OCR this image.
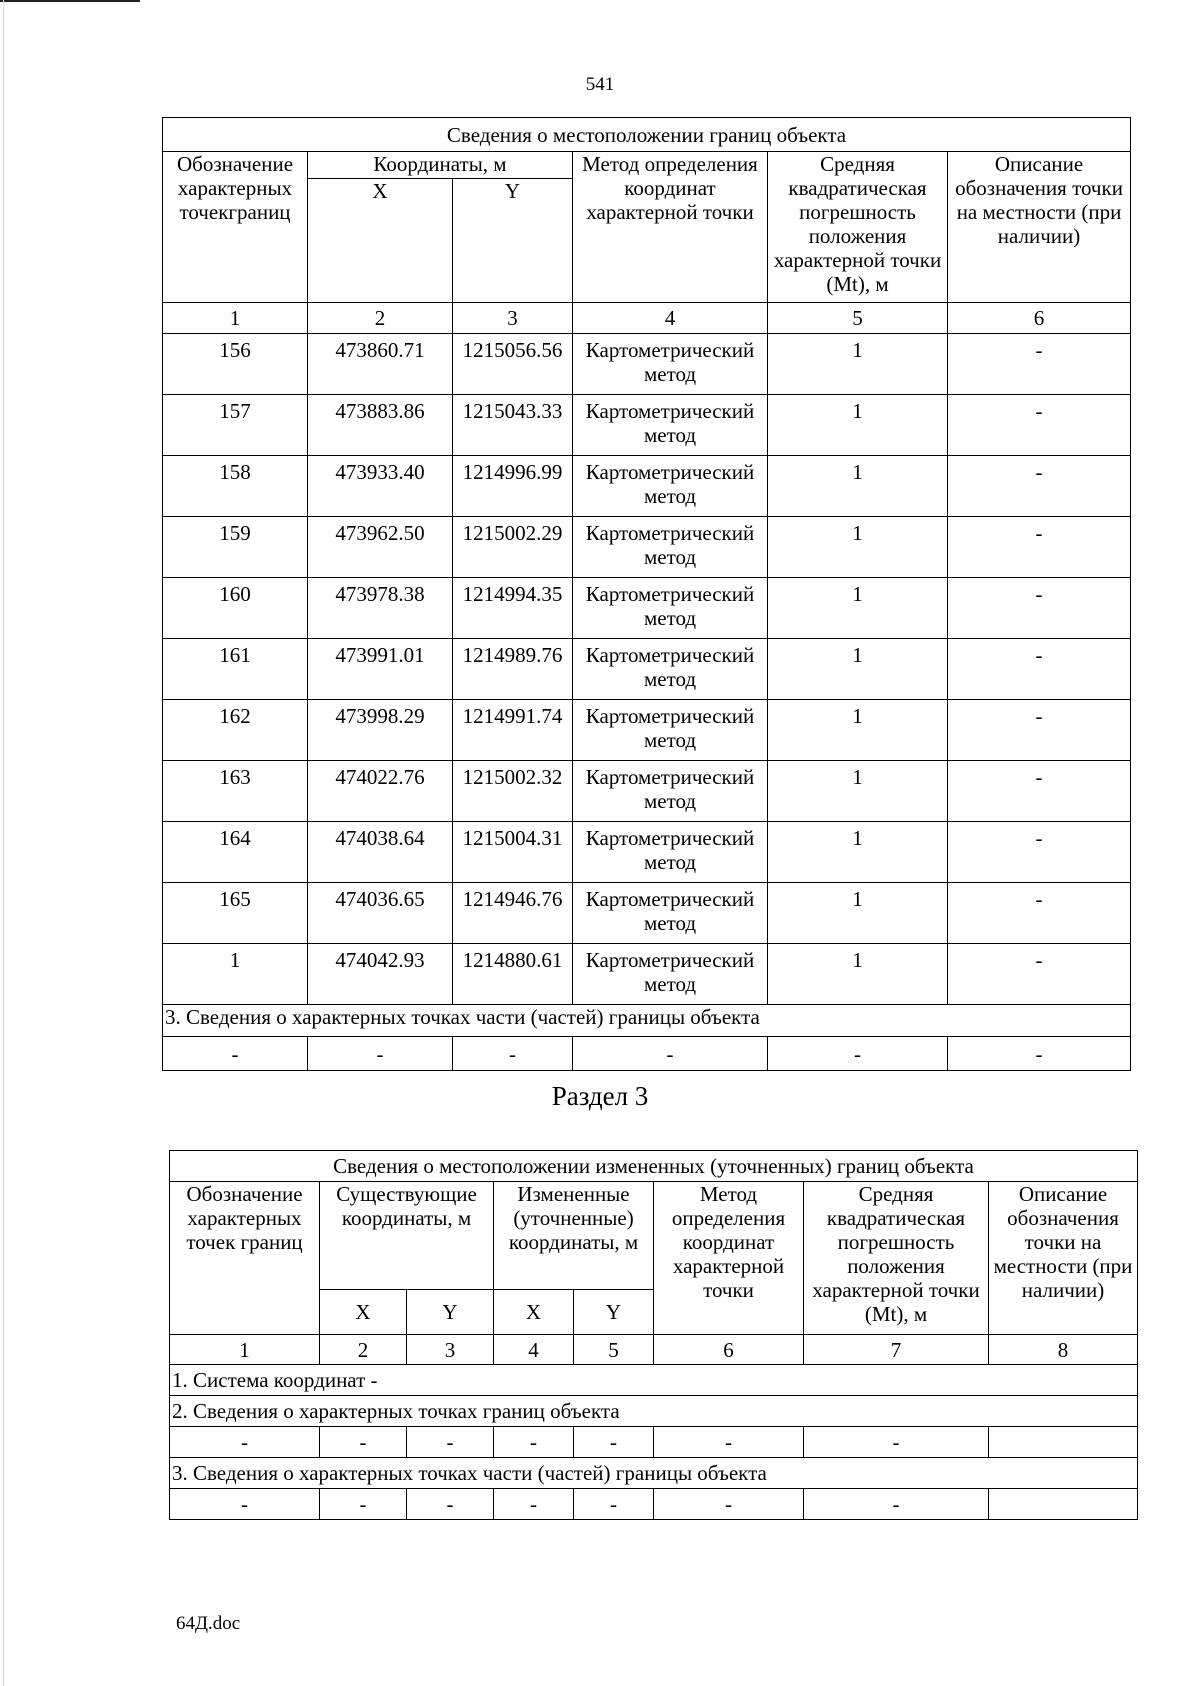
541
Сведения о местоположении границ объекта					
Обозначение характерных точекграниц	Координаты, м		Метод определения координат характерной точки	Средняя квадратическая погрешность положения характерной точки (Mt), м	Описание обозначения точки на местности (при наличии)
	X	Y			
1	2	3	4	5	6
156	473860.71	1215056.56	Картометрический метод	1	-
157	473883.86	1215043.33	Картометрический метод	1	-
158	473933.40	1214996.99	Картометрический метод	1	-
159	473962.50	1215002.29	Картометрический метод	1	-
160	473978.38	1214994.35	Картометрический метод	1	-
161	473991.01	1214989.76	Картометрический метод	1	-
162	473998.29	1214991.74	Картометрический метод	1	-
163	474022.76	1215002.32	Картометрический метод	1	-
164	474038.64	1215004.31	Картометрический метод	1	-
165	474036.65	1214946.76	Картометрический метод	1	-
1	474042.93	1214880.61	Картометрический метод	1	-
3. Сведения о характерных точках части (частей) границы объекта					
-	-	-	-	-	-
Раздел 3
Сведения о местоположении измененных (уточненных) границ объекта							
Обозначение характерных точек границ	Существующие координаты, м		Измененные (уточненные) координаты, м		Метод определения координат характерной точки	Средняя квадратическая погрешность положения характерной точки (Mt), м	Описание обозначения точки на местности (при наличии)
	X	Y	X	Y			
1	2	3	4	5	6	7	8
1. Система координат -							
2. Сведения о характерных точках границ объекта							
-	-	-	-	-	-	-	
3. Сведения о характерных точках части (частей) границы объекта							
-	-	-	-	-	-	-	
64Д.doc
